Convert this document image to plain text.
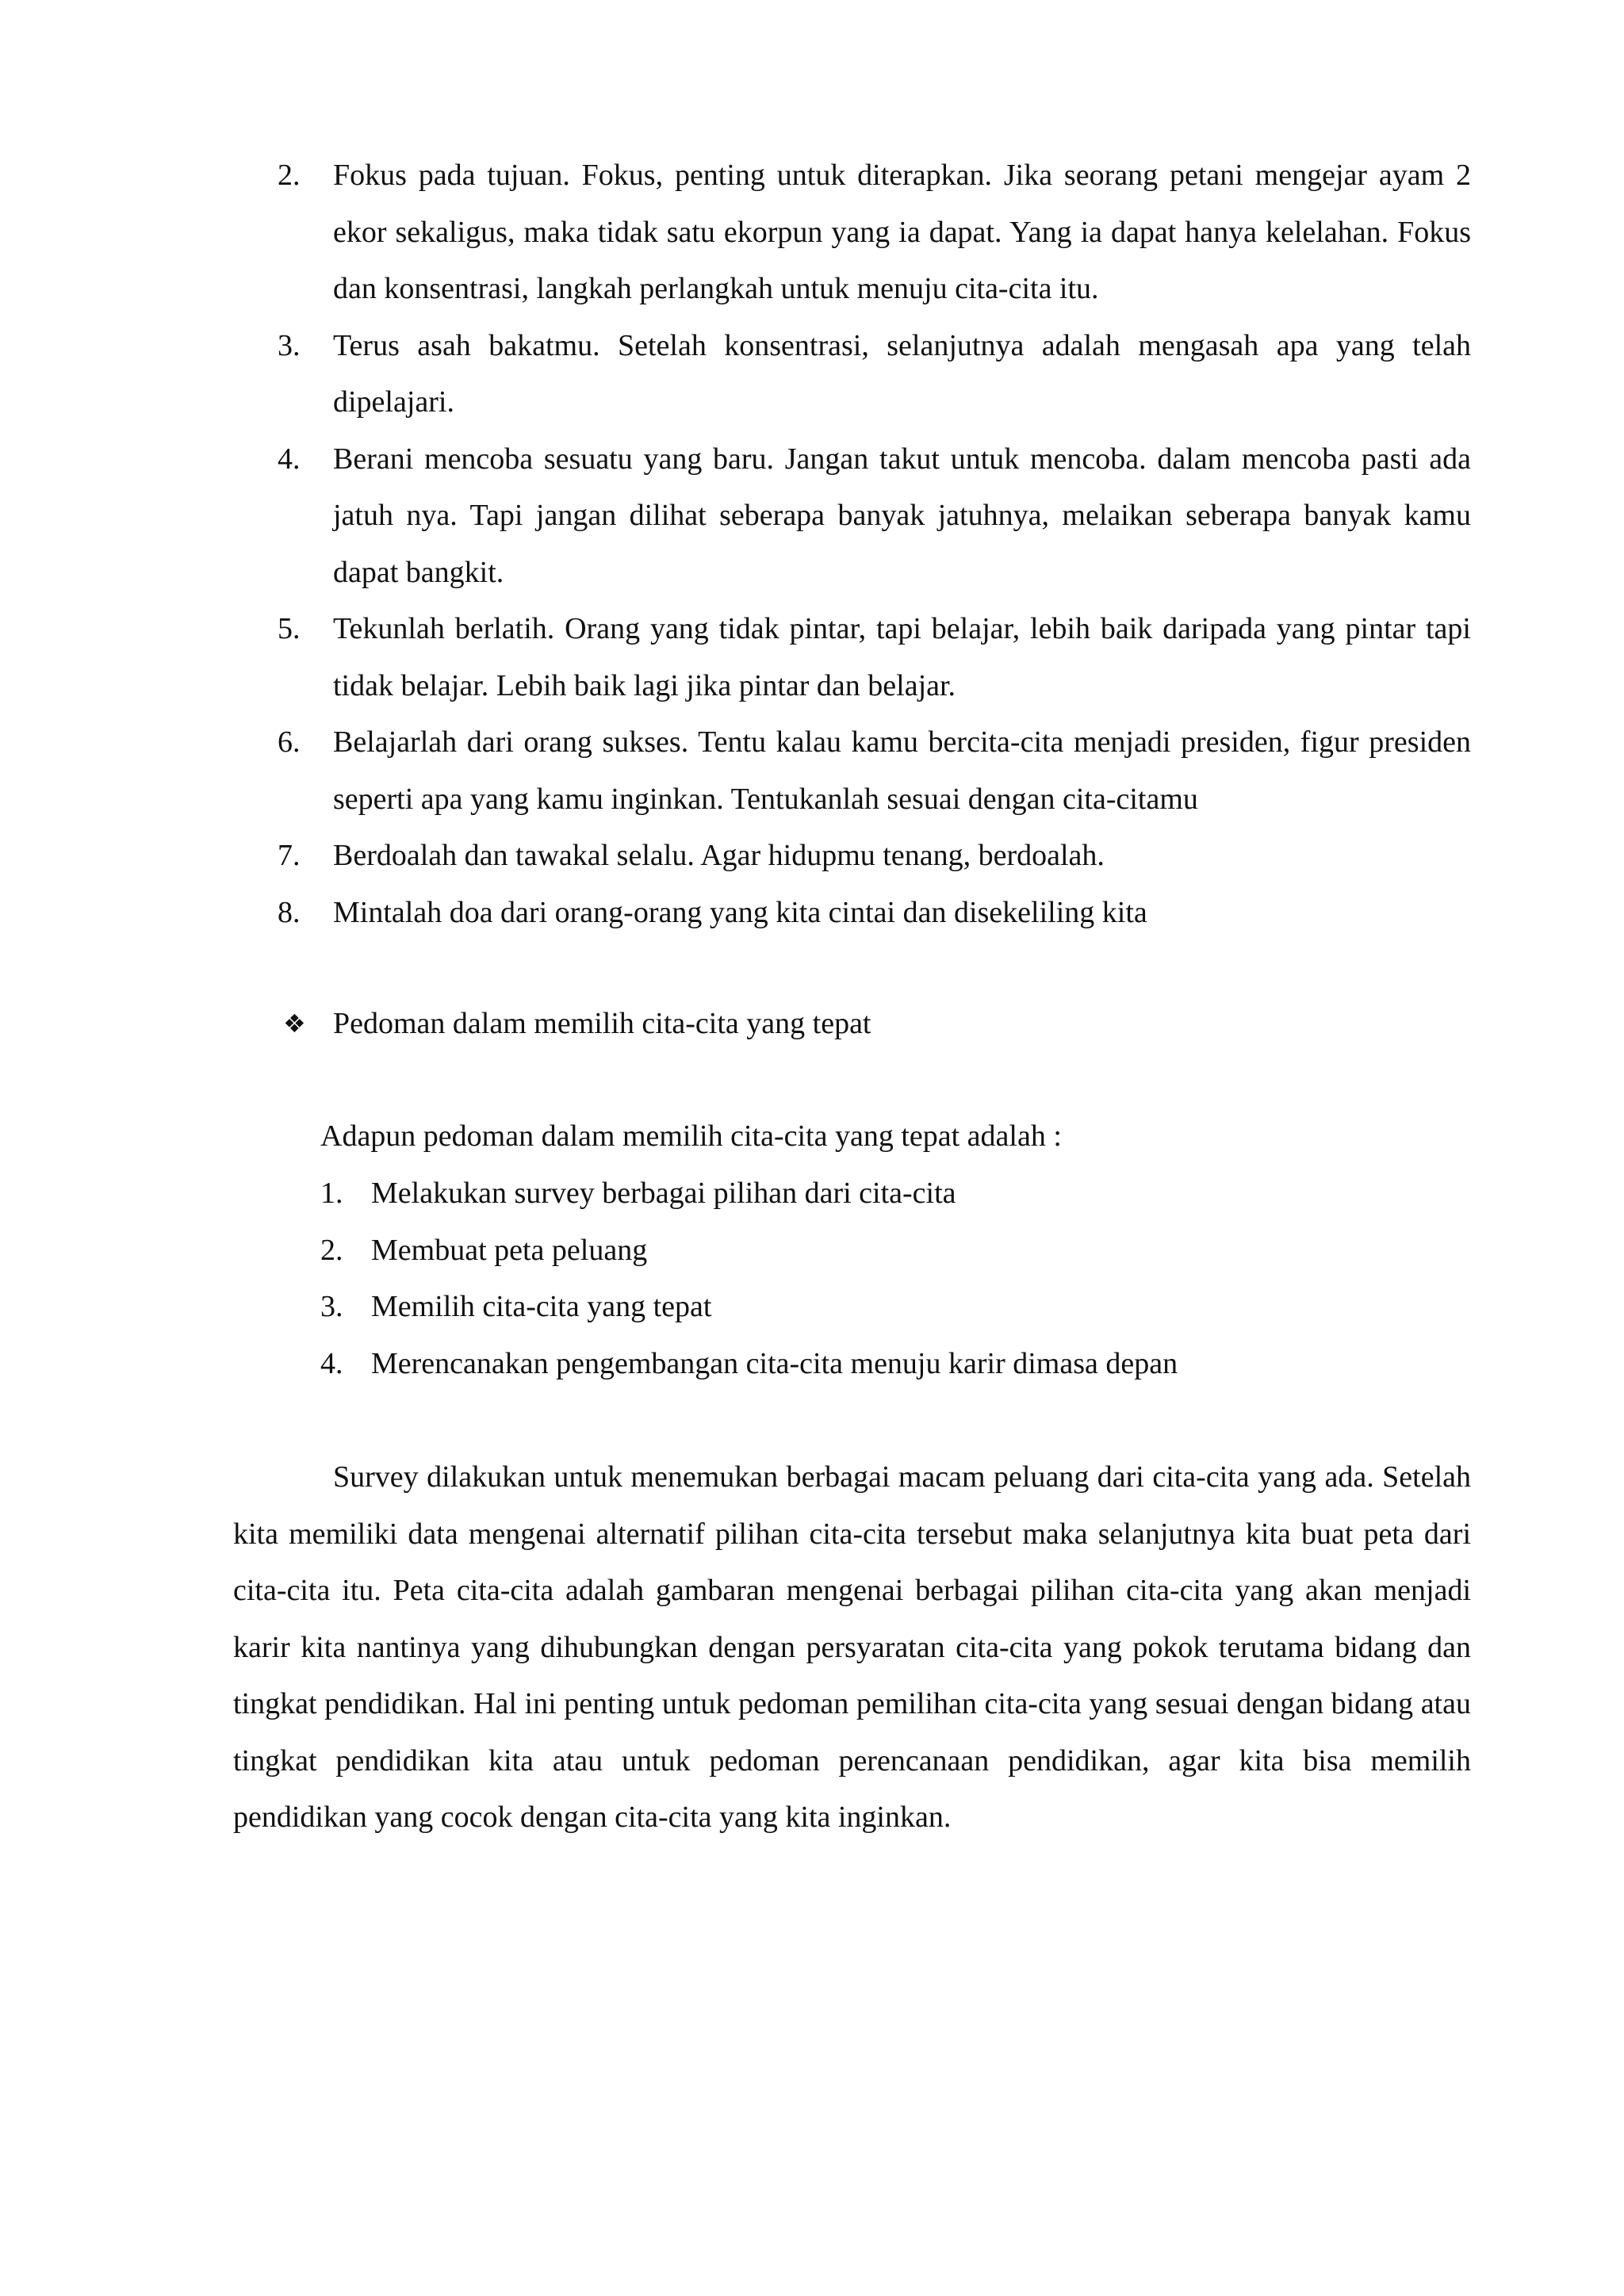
2. Fokus pada tujuan. Fokus, penting untuk diterapkan. Jika seorang petani mengejar ayam 2 ekor sekaligus, maka tidak satu ekorpun yang ia dapat. Yang ia dapat hanya kelelahan. Fokus dan konsentrasi, langkah perlangkah untuk menuju cita-cita itu.
3. Terus asah bakatmu. Setelah konsentrasi, selanjutnya adalah mengasah apa yang telah dipelajari.
4. Berani mencoba sesuatu yang baru. Jangan takut untuk mencoba. dalam mencoba pasti ada jatuh nya. Tapi jangan dilihat seberapa banyak jatuhnya, melaikan seberapa banyak kamu dapat bangkit.
5. Tekunlah berlatih. Orang yang tidak pintar, tapi belajar, lebih baik daripada yang pintar tapi tidak belajar. Lebih baik lagi jika pintar dan belajar.
6. Belajarlah dari orang sukses. Tentu kalau kamu bercita-cita menjadi presiden, figur presiden seperti apa yang kamu inginkan. Tentukanlah sesuai dengan cita-citamu
7. Berdoalah dan tawakal selalu. Agar hidupmu tenang, berdoalah.
8. Mintalah doa dari orang-orang yang kita cintai dan disekeliling kita
❖ Pedoman dalam memilih cita-cita yang tepat
Adapun pedoman dalam memilih cita-cita yang tepat adalah :
1. Melakukan survey berbagai pilihan dari cita-cita
2. Membuat peta peluang
3. Memilih cita-cita yang tepat
4. Merencanakan pengembangan cita-cita menuju karir dimasa depan

Survey dilakukan untuk menemukan berbagai macam peluang dari cita-cita yang ada. Setelah kita memiliki data mengenai alternatif pilihan cita-cita tersebut maka selanjutnya kita buat peta dari cita-cita itu. Peta cita-cita adalah gambaran mengenai berbagai pilihan cita-cita yang akan menjadi karir kita nantinya yang dihubungkan dengan persyaratan cita-cita yang pokok terutama bidang dan tingkat pendidikan. Hal ini penting untuk pedoman pemilihan cita-cita yang sesuai dengan bidang atau tingkat pendidikan kita atau untuk pedoman perencanaan pendidikan, agar kita bisa memilih pendidikan yang cocok dengan cita-cita yang kita inginkan.
